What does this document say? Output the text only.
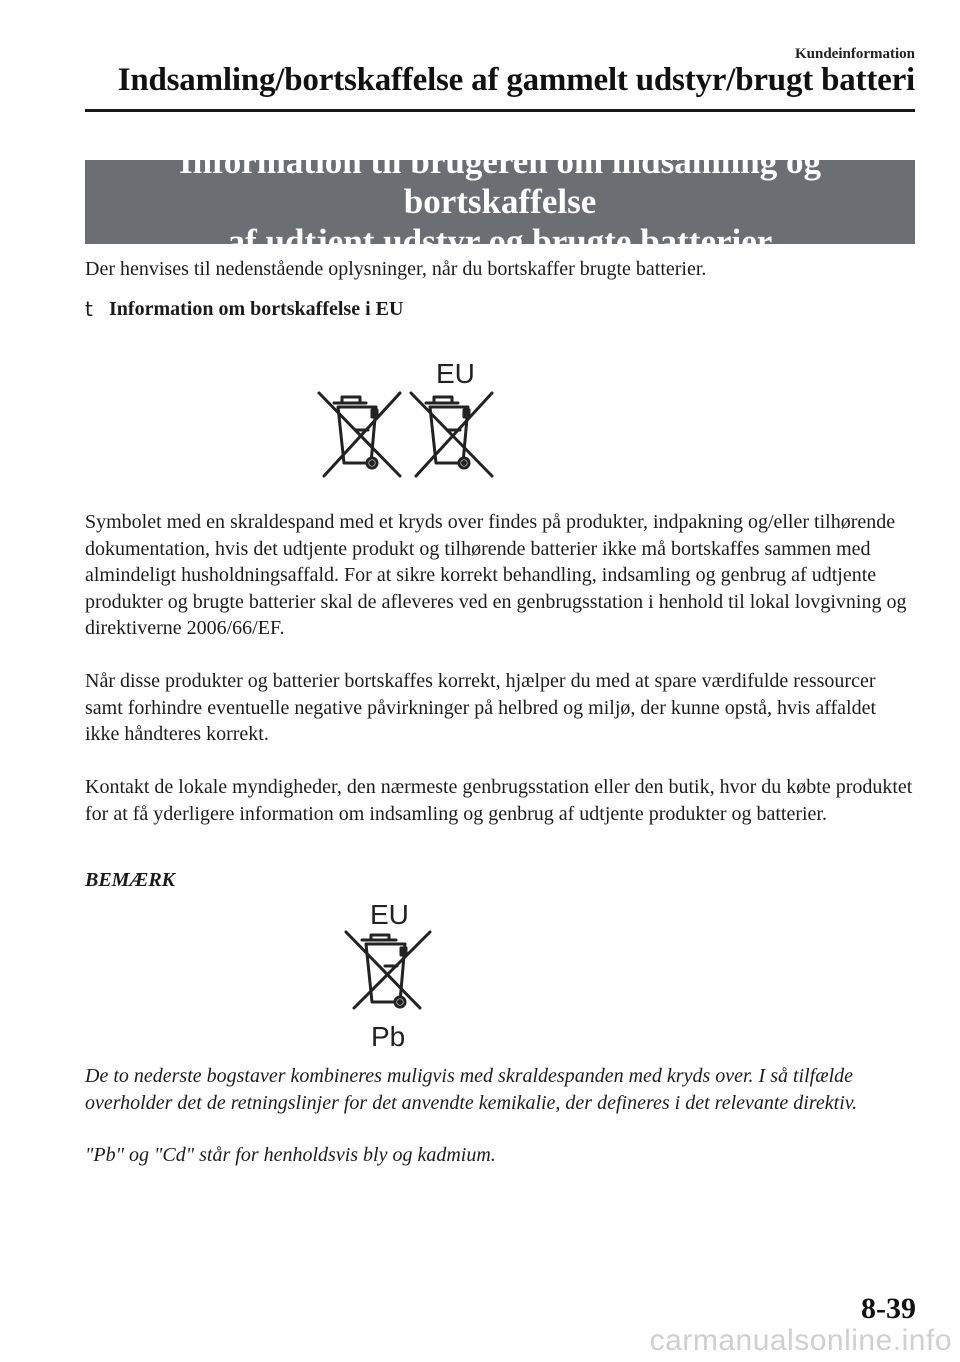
Kundeinformation
Indsamling/bortskaffelse af gammelt udstyr/brugt batteri
Information til brugeren om indsamling og bortskaffelse
af udtjent udstyr og brugte batterier
Der henvises til nedenstående oplysninger, når du bortskaffer brugte batterier.
t Information om bortskaffelse i EU
EU
Symbolet med en skraldespand med et kryds over findes på produkter, indpakning og/eller tilhørende dokumentation, hvis det udtjente produkt og tilhørende batterier ikke må bortskaffes sammen med almindeligt husholdningsaffald. For at sikre korrekt behandling, indsamling og genbrug af udtjente produkter og brugte batterier skal de afleveres ved en genbrugsstation i henhold til lokal lovgivning og direktiverne 2006/66/EF.
Når disse produkter og batterier bortskaffes korrekt, hjælper du med at spare værdifulde ressourcer samt forhindre eventuelle negative påvirkninger på helbred og miljø, der kunne opstå, hvis affaldet ikke håndteres korrekt.
Kontakt de lokale myndigheder, den nærmeste genbrugsstation eller den butik, hvor du købte produktet for at få yderligere information om indsamling og genbrug af udtjente produkter og batterier.
BEMÆRK
EU
Pb
De to nederste bogstaver kombineres muligvis med skraldespanden med kryds over. I så tilfælde overholder det de retningslinjer for det anvendte kemikalie, der defineres i det relevante direktiv.
"Pb" og "Cd" står for henholdsvis bly og kadmium.
8-39
carmanualsonline.info
